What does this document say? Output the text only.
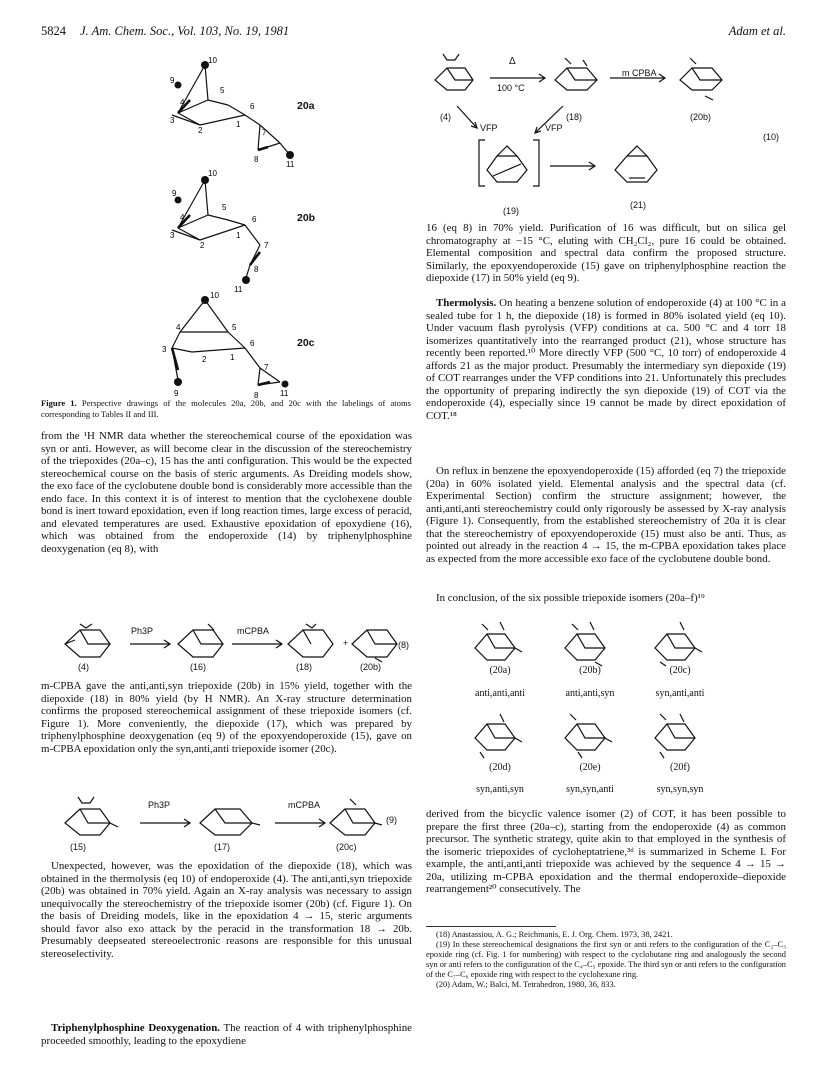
5824 J. Am. Chem. Soc., Vol. 103, No. 19, 1981	Adam et al.
10
9
5
6
3
2
1
7
8
11
4
10
9
5
6
3
2
1
7
8
11
4
10
4	5
6
3
2	1
7
9	8	11
20a
20b
20c
Figure 1. Perspective drawings of the molecules 20a, 20b, and 20c with the labelings of atoms corresponding to Tables II and III.

from the ¹H NMR data whether the stereochemical course of the epoxidation was syn or anti. However, as will become clear in the discussion of the stereochemistry of the triepoxides (20a–c), 15 has the anti configuration. This would be the expected stereochemical course on the basis of steric arguments. As Dreiding models show, the exo face of the cyclobutene double bond is considerably more accessible than the endo face. In this context it is of interest to mention that the cyclohexene double bond is inert toward epoxidation, even if long reaction times, large excess of peracid, and elevated temperatures are used. Exhaustive epoxidation of epoxydiene (16), which was obtained from the endoperoxide (14) by triphenylphosphine deoxygenation (eq 8), with

Ph3P	mCPBA
+	(8)
(4)	(16)	(18)	(20b)

m-CPBA gave the anti,anti,syn triepoxide (20b) in 15% yield, together with the diepoxide (18) in 80% yield (by H NMR). An X-ray structure determination confirms the proposed stereochemical assignment of these triepoxide isomers (cf. Figure 1). More conveniently, the diepoxide (17), which was prepared by triphenylphosphine deoxygenation (eq 9) of the epoxyendoperoxide (15), gave on m-CPBA epoxidation only the syn,anti,anti triepoxide isomer (20c).

Ph3P	mCPBA
(9)
(15)	(17)	(20c)

Unexpected, however, was the epoxidation of the diepoxide (18), which was obtained in the thermolysis (eq 10) of endoperoxide (4). The anti,anti,syn triepoxide (20b) was obtained in 70% yield. Again an X-ray analysis was necessary to assign unequivocally the stereochemistry of the triepoxide isomer (20b) (cf. Figure 1). On the basis of Dreiding models, like in the epoxidation 4 → 15, steric arguments should favor also exo attack by the peracid in the transformation 18 → 20b. Presumably deepseated stereoelectronic reasons are responsible for this unusual stereoselectivity.

Triphenylphosphine Deoxygenation. The reaction of 4 with triphenylphosphine proceeded smoothly, leading to the epoxydiene

Δ
100 °C
m CPBA
VFP	VFP
(4)	(18)	(20b)
(19)
(21)
(10)

16 (eq 8) in 70% yield. Purification of 16 was difficult, but on silica gel chromatography at −15 °C, eluting with CH₂Cl₂, pure 16 could be obtained. Elemental composition and spectral data confirm the proposed structure. Similarly, the epoxyendoperoxide (15) gave on triphenylphosphine reaction the diepoxide (17) in 50% yield (eq 9).

Thermolysis. On heating a benzene solution of endoperoxide (4) at 100 °C in a sealed tube for 1 h, the diepoxide (18) is formed in 80% isolated yield (eq 10). Under vacuum flash pyrolysis (VFP) conditions at ca. 500 °C and 4 torr 18 isomerizes quantitatively into the rearranged product (21), whose structure has recently been reported.¹⁰ More directly VFP (500 °C, 10 torr) of endoperoxide 4 affords 21 as the major product. Presumably the intermediary syn diepoxide (19) of COT rearranges under the VFP conditions into 21. Unfortunately this precludes the opportunity of preparing indirectly the syn diepoxide (19) of COT via the endoperoxide (4), especially since 19 cannot be made by direct epoxidation of COT.¹⁸

On reflux in benzene the epoxyendoperoxide (15) afforded (eq 7) the triepoxide (20a) in 60% isolated yield. Elemental analysis and the spectral data (cf. Experimental Section) confirm the structure assignment; however, the anti,anti,anti stereochemistry could only rigorously be assessed by X-ray analysis (Figure 1). Consequently, from the established stereochemistry of 20a it is clear that the stereochemistry of epoxyendoperoxide (15) must also be anti. Thus, as pointed out already in the reaction 4 → 15, the m-CPBA epoxidation takes place as expected from the more accessible exo face of the cyclobutene double bond.

In conclusion, of the six possible triepoxide isomers (20a–f)¹⁹

(20a)	(20b)	(20c)
anti,anti,anti	anti,anti,syn	syn,anti,anti
(20d)	(20e)	(20f)
syn,anti,syn	syn,syn,anti	syn,syn,syn

derived from the bicyclic valence isomer (2) of COT, it has been possible to prepare the first three (20a–c), starting from the endoperoxide (4) as common precursor. The synthetic strategy, quite akin to that employed in the synthesis of the isomeric triepoxides of cycloheptatriene,³ᵈ is summarized in Scheme I. For example, the anti,anti,anti triepoxide was achieved by the sequence 4 → 15 → 20a, utilizing m-CPBA epoxidation and the thermal endoperoxide–diepoxide rearrangement²⁰ consecutively. The

(18) Anastassiou, A. G.; Reichmanis, E. J. Org. Chem. 1973, 38, 2421.

(19) In these stereochemical designations the first syn or anti refers to the configuration of the C₂–C₃ epoxide ring (cf. Fig. 1 for numbering) with respect to the cyclobutane ring and analogously the second syn or anti refers to the configuration of the C₄–C₅ epoxide. The third syn or anti refers to the configuration of the C₇–C₈ epoxide ring with respect to the cyclohexane ring.

(20) Adam, W.; Balci, M. Tetrahedron, 1980, 36, 833.
